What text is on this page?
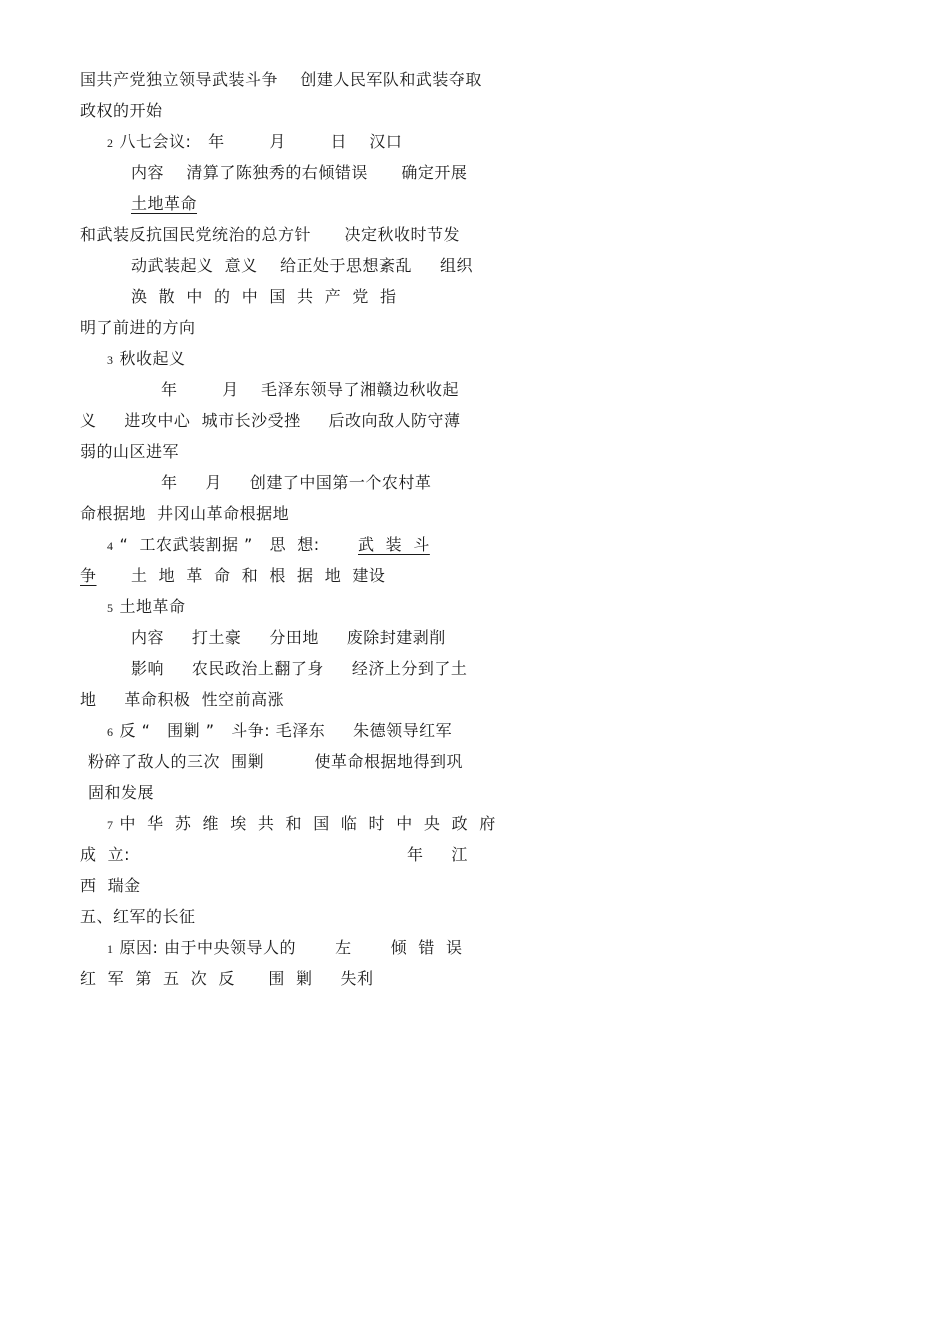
国共产党独立领导武装斗争    创建人民军队和武装夺取
政权的开始
2 八七会议:   年        月        日    汉口
内容    清算了陈独秀的右倾错误      确定开展
土地革命
和武装反抗国民党统治的总方针      决定秋收时节发
动武装起义  意义    给正处于思想紊乱     组织
涣  散  中  的  中  国  共  产  党  指
明了前进的方向
3 秋收起义
年        月    毛泽东领导了湘赣边秋收起
义     进攻中心  城市长沙受挫     后改向敌人防守薄
弱的山区进军
年     月     创建了中国第一个农村革
命根据地  井冈山革命根据地
4 “  工农武装割据 ”   思  想: 武  装  斗
争 土  地  革  命  和  根  据  地  建设
5 土地革命
内容     打土豪     分田地     废除封建剥削
影响     农民政治上翻了身     经济上分到了土
地     革命积极  性空前高涨
6 反 “   围剿 ”   斗争: 毛泽东     朱德领导红军
粉碎了敌人的三次  围剿         使革命根据地得到巩
固和发展
7 中  华  苏  维  埃  共  和  国  临  时  中  央  政  府
成  立:	年     江
西  瑞金
五、红军的长征
1 原因: 由于中央领导人的       左       倾  错  误
红  军  第  五  次  反      围  剿     失利
